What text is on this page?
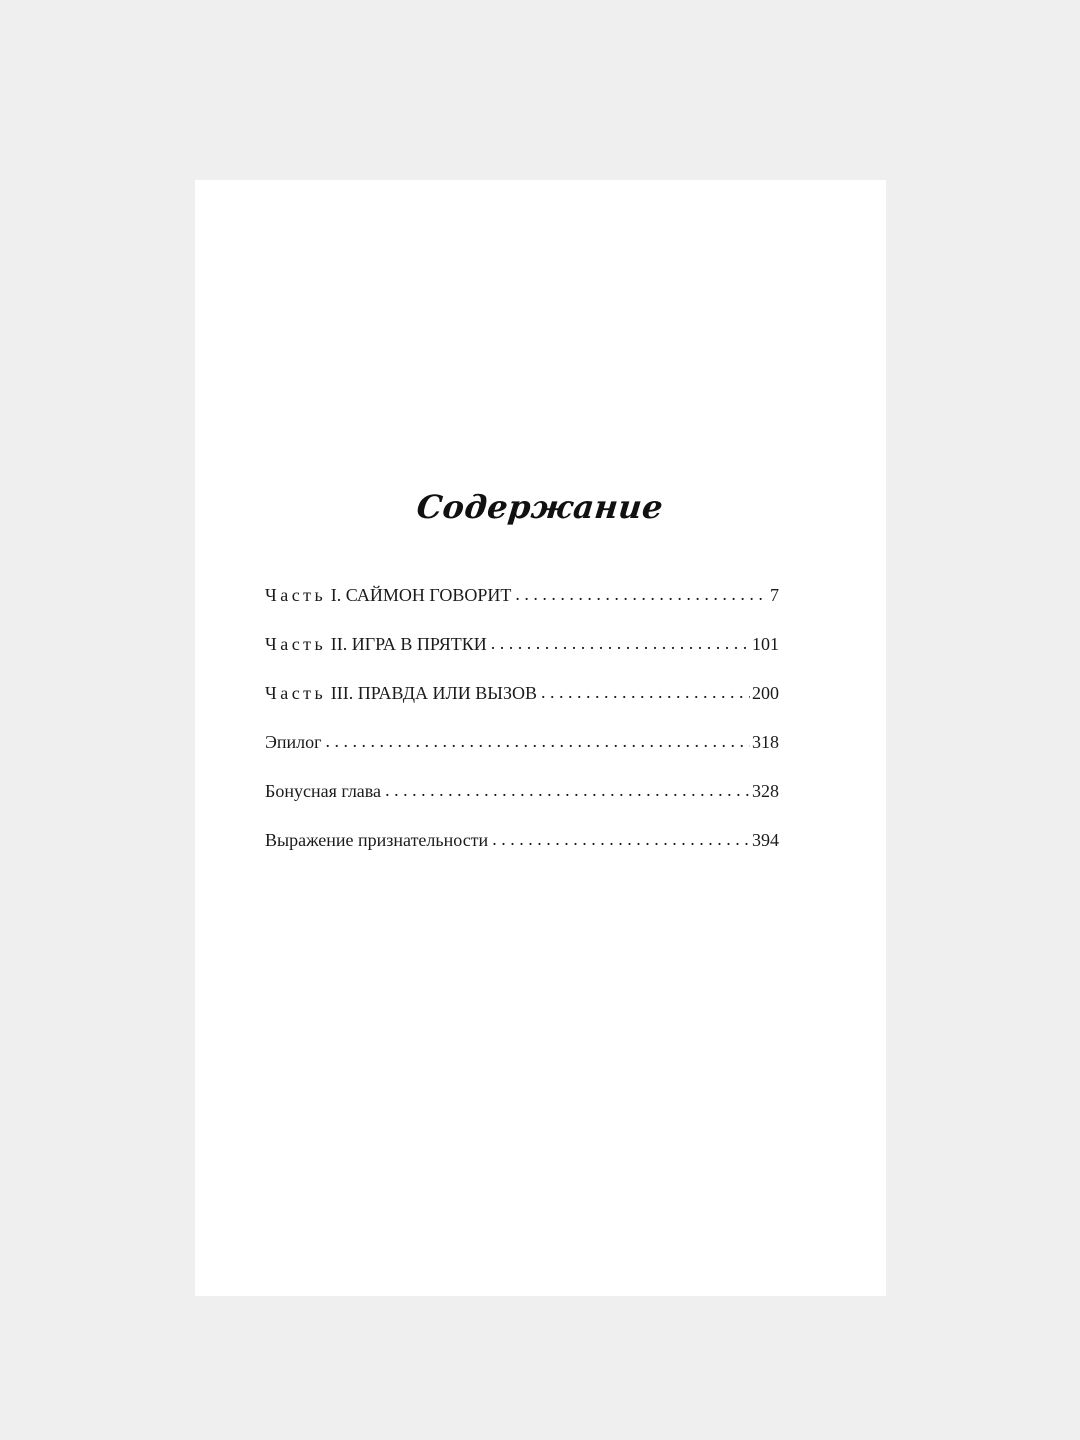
Содержание
Часть I. САЙМОН ГОВОРИТ . . .	7
Часть II. ИГРА В ПРЯТКИ . . .	101
Часть III. ПРАВДА ИЛИ ВЫЗОВ . . .	200
Эпилог . . .	318
Бонусная глава . . .	328
Выражение признательности . . .	394
